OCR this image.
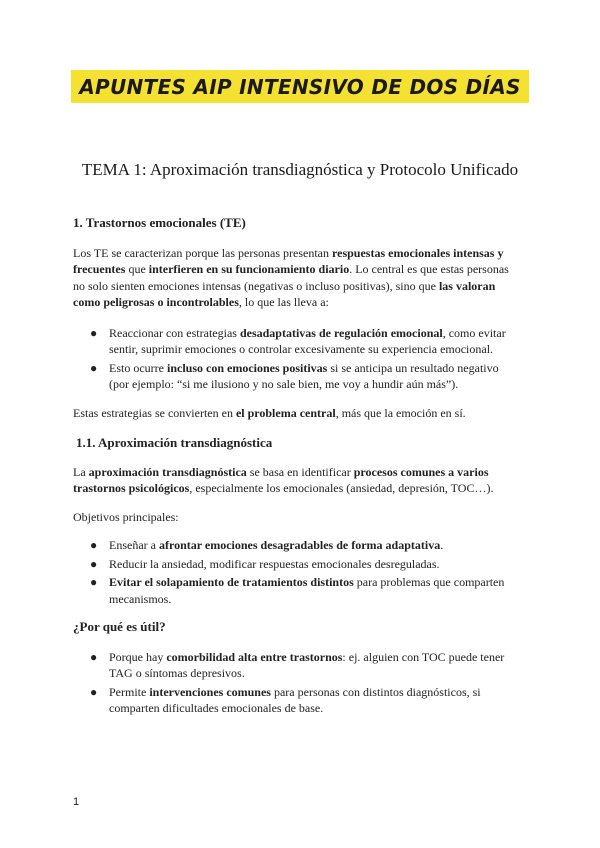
APUNTES AIP INTENSIVO DE DOS DÍAS
TEMA 1: Aproximación transdiagnóstica y Protocolo Unificado

1. Trastornos emocionales (TE)

Los TE se caracterizan porque las personas presentan respuestas emocionales intensas y frecuentes que interfieren en su funcionamiento diario. Lo central es que estas personas no solo sienten emociones intensas (negativas o incluso positivas), sino que las valoran como peligrosas o incontrolables, lo que las lleva a:

● Reaccionar con estrategias desadaptativas de regulación emocional, como evitar sentir, suprimir emociones o controlar excesivamente su experiencia emocional.
● Esto ocurre incluso con emociones positivas si se anticipa un resultado negativo (por ejemplo: “si me ilusiono y no sale bien, me voy a hundir aún más”).

Estas estrategias se convierten en el problema central, más que la emoción en sí.

1.1. Aproximación transdiagnóstica

La aproximación transdiagnóstica se basa en identificar procesos comunes a varios trastornos psicológicos, especialmente los emocionales (ansiedad, depresión, TOC…).

Objetivos principales:

● Enseñar a afrontar emociones desagradables de forma adaptativa.
● Reducir la ansiedad, modificar respuestas emocionales desreguladas.
● Evitar el solapamiento de tratamientos distintos para problemas que comparten mecanismos.

¿Por qué es útil?

● Porque hay comorbilidad alta entre trastornos: ej. alguien con TOC puede tener TAG o síntomas depresivos.
● Permite intervenciones comunes para personas con distintos diagnósticos, si comparten dificultades emocionales de base.
1
